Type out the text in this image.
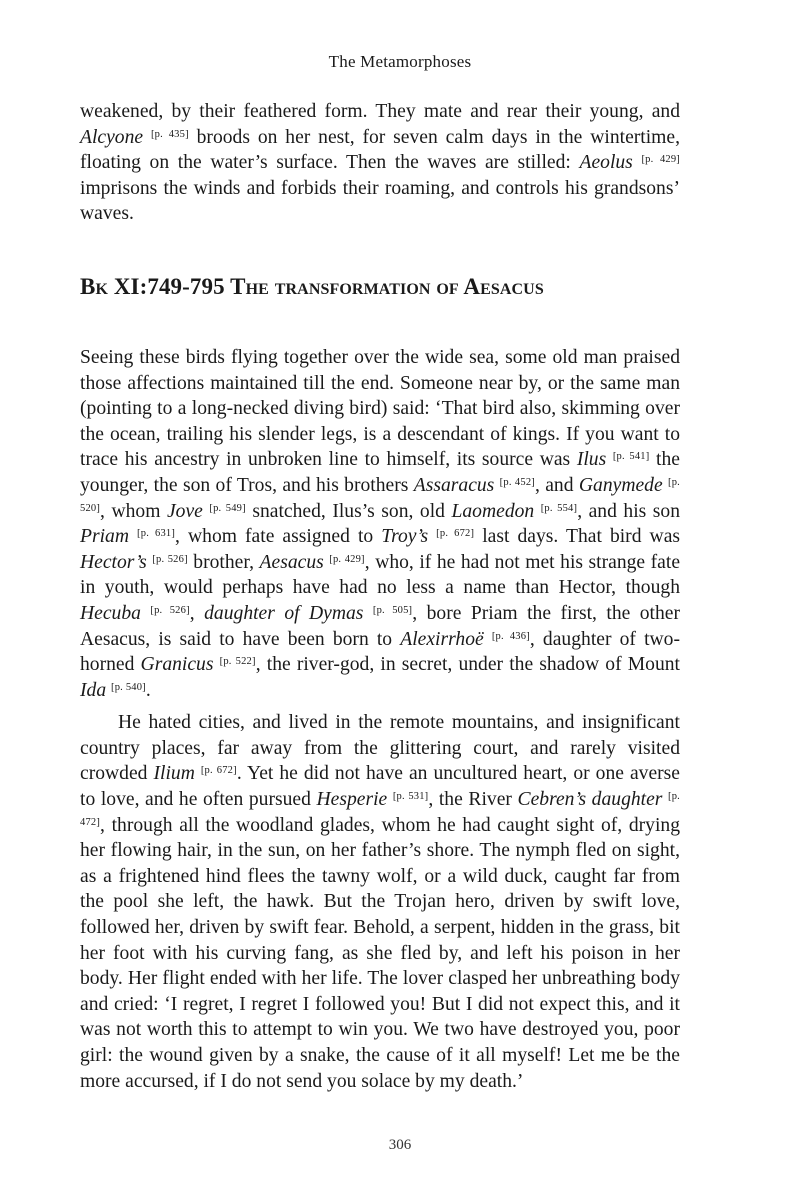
The Metamorphoses

weakened, by their feathered form. They mate and rear their young, and Alcyone [p. 435] broods on her nest, for seven calm days in the wintertime, floating on the water’s surface. Then the waves are stilled: Aeolus [p. 429] imprisons the winds and forbids their roaming, and controls his grandsons’ waves.

Bk XI:749-795 The transformation of Aesacus

Seeing these birds flying together over the wide sea, some old man praised those affections maintained till the end. Someone near by, or the same man (pointing to a long-necked diving bird) said: ‘That bird also, skimming over the ocean, trailing his slender legs, is a descendant of kings. If you want to trace his ancestry in unbroken line to himself, its source was Ilus [p. 541] the younger, the son of Tros, and his brothers Assaracus [p. 452], and Ganymede [p. 520], whom Jove [p. 549] snatched, Ilus’s son, old Laomedon [p. 554], and his son Priam [p. 631], whom fate assigned to Troy’s [p. 672] last days. That bird was Hector’s [p. 526] brother, Aesacus [p. 429], who, if he had not met his strange fate in youth, would perhaps have had no less a name than Hector, though Hecuba [p. 526], daughter of Dymas [p. 505], bore Priam the first, the other Aesacus, is said to have been born to Alexirrhoë [p. 436], daughter of two-horned Granicus [p. 522], the river-god, in secret, under the shadow of Mount Ida [p. 540].

He hated cities, and lived in the remote mountains, and insignificant country places, far away from the glittering court, and rarely visited crowded Ilium [p. 672]. Yet he did not have an uncultured heart, or one averse to love, and he often pursued Hesperie [p. 531], the River Cebren’s daughter [p. 472], through all the woodland glades, whom he had caught sight of, drying her flowing hair, in the sun, on her father’s shore. The nymph fled on sight, as a frightened hind flees the tawny wolf, or a wild duck, caught far from the pool she left, the hawk. But the Trojan hero, driven by swift love, followed her, driven by swift fear. Behold, a serpent, hidden in the grass, bit her foot with his curving fang, as she fled by, and left his poison in her body. Her flight ended with her life. The lover clasped her unbreathing body and cried: ‘I regret, I regret I followed you! But I did not expect this, and it was not worth this to attempt to win you. We two have destroyed you, poor girl: the wound given by a snake, the cause of it all myself! Let me be the more accursed, if I do not send you solace by my death.’

306
